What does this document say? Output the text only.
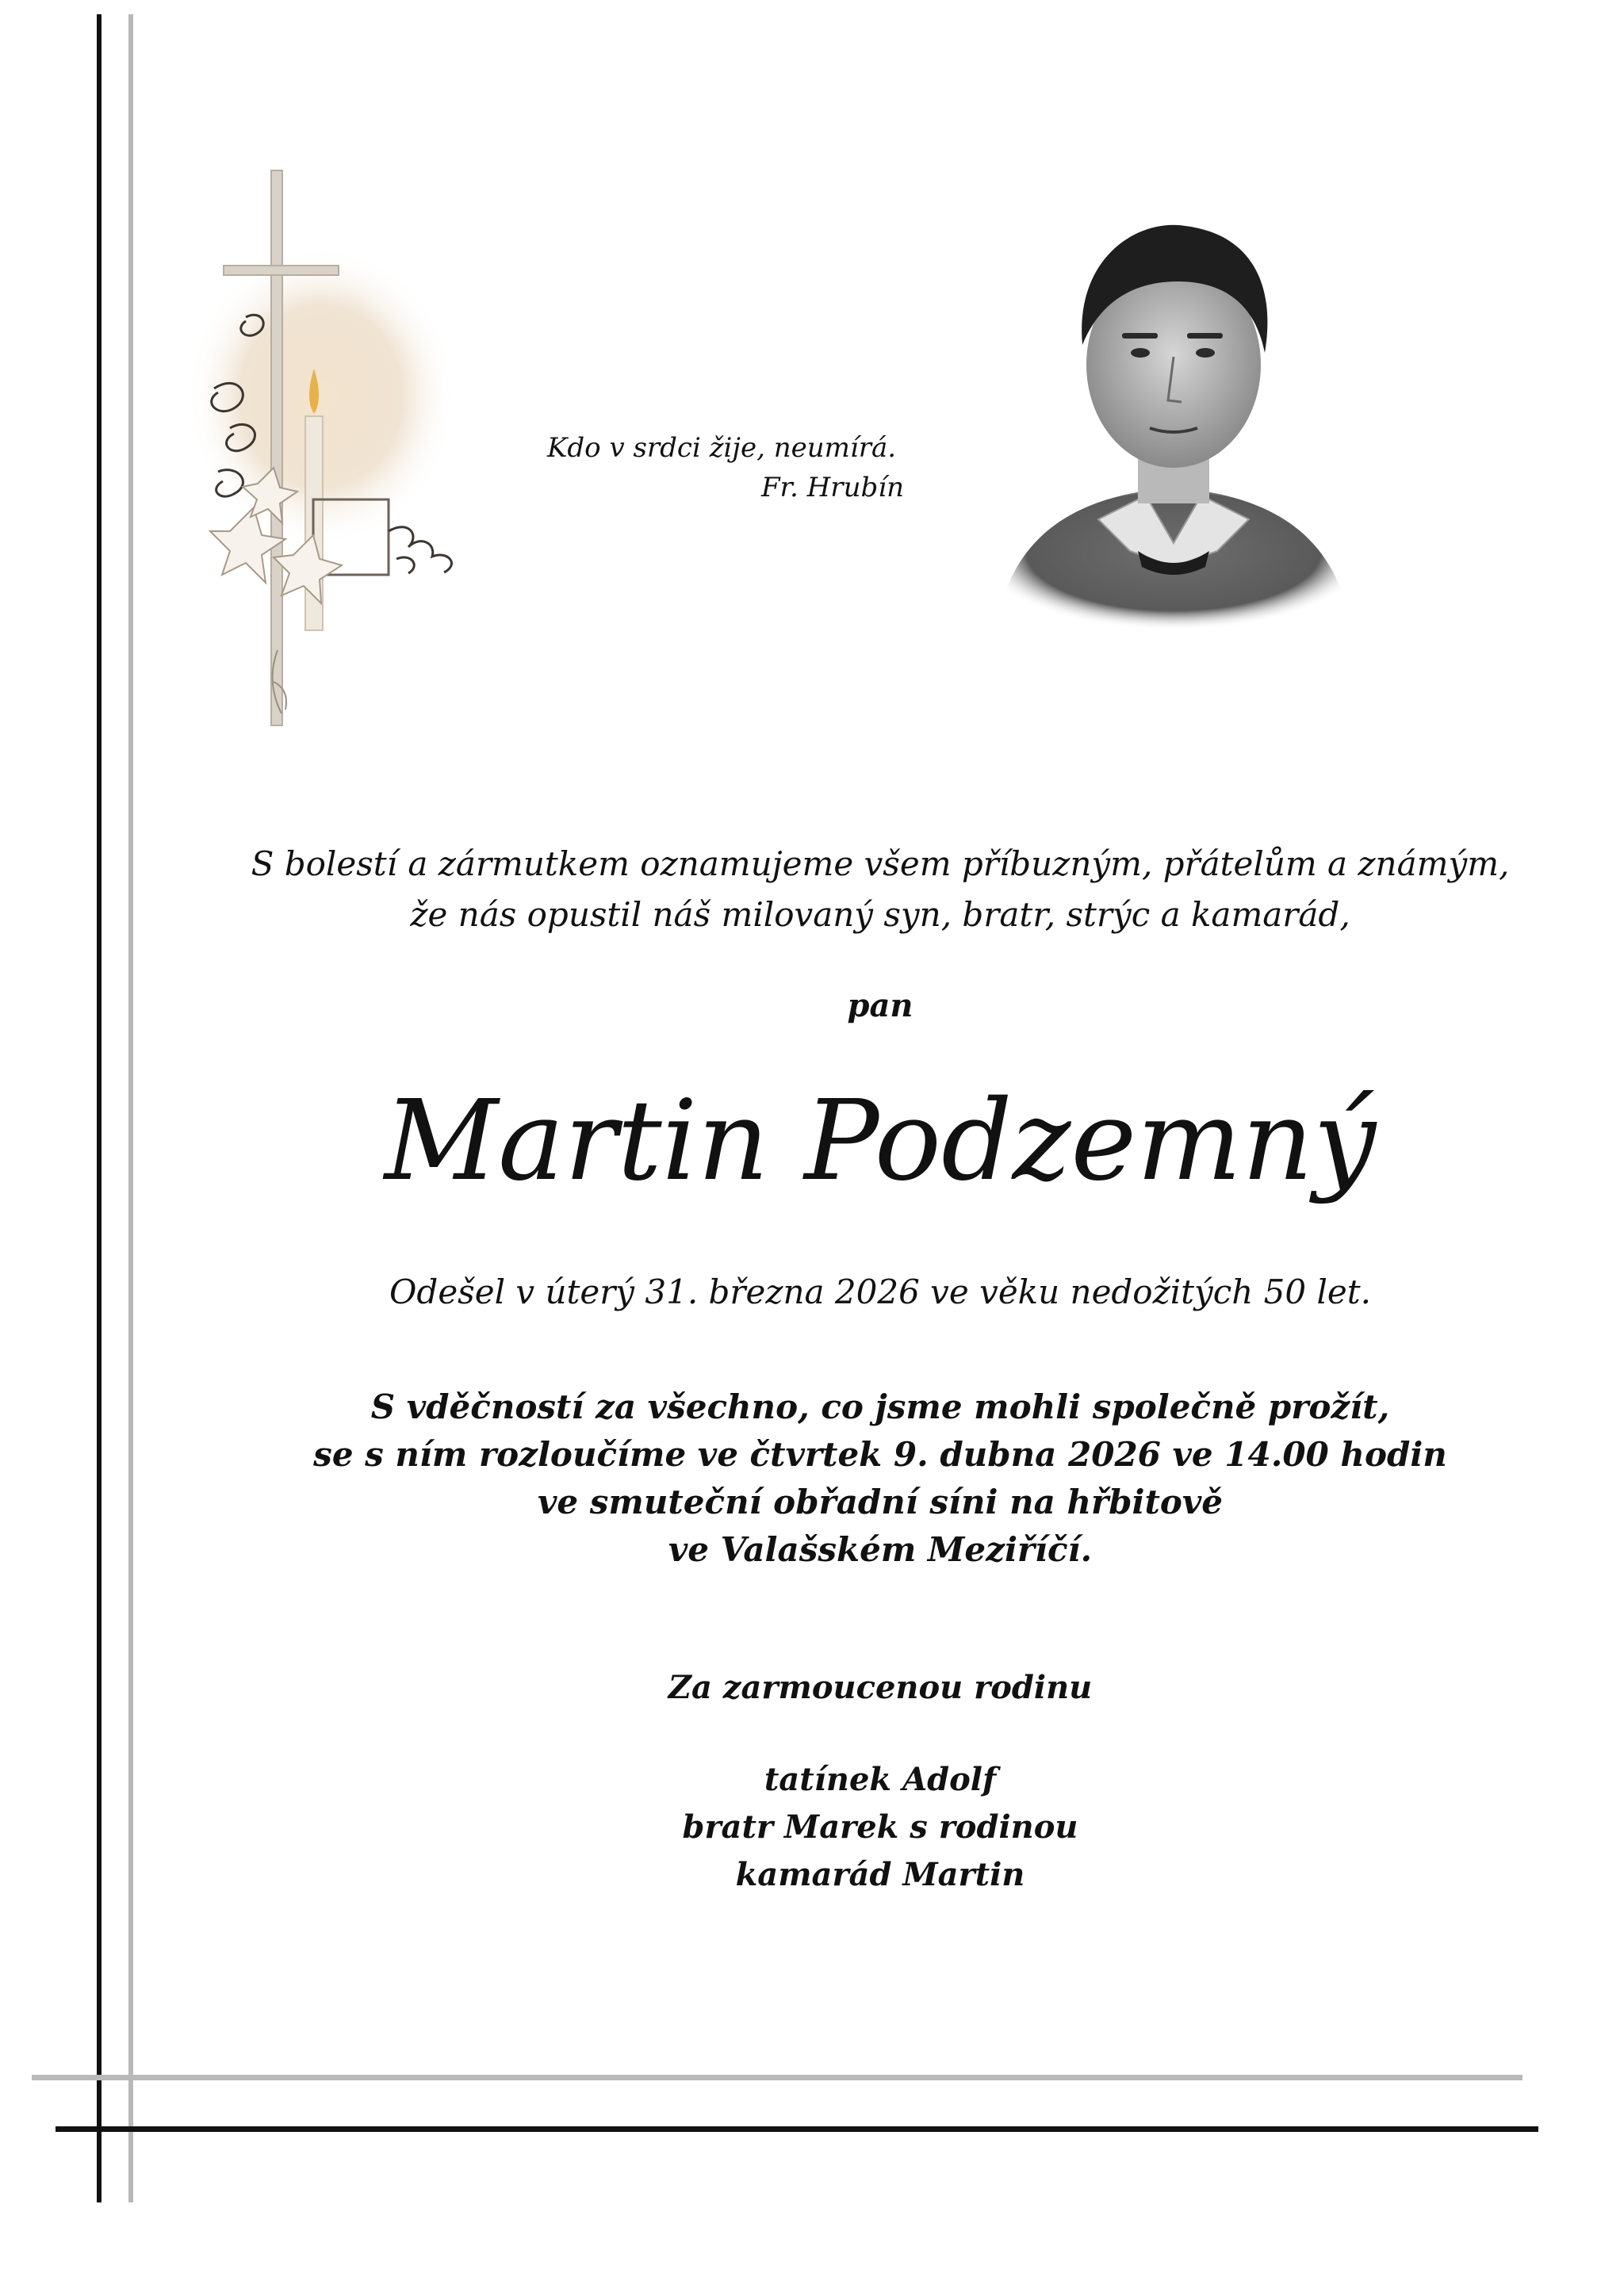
Kdo v srdci žije, neumírá.
Fr. Hrubín
S bolestí a zármutkem oznamujeme všem příbuzným, přátelům a známým,
že nás opustil náš milovaný syn, bratr, strýc a kamarád,
pan
Martin Podzemný
Odešel v úterý 31. března 2026 ve věku nedožitých 50 let.
S vděčností za všechno, co jsme mohli společně prožít,
se s ním rozloučíme ve čtvrtek 9. dubna 2026 ve 14.00 hodin
ve smuteční obřadní síni na hřbitově
ve Valašském Meziříčí.
Za zarmoucenou rodinu
tatínek Adolf
bratr Marek s rodinou
kamarád Martin
